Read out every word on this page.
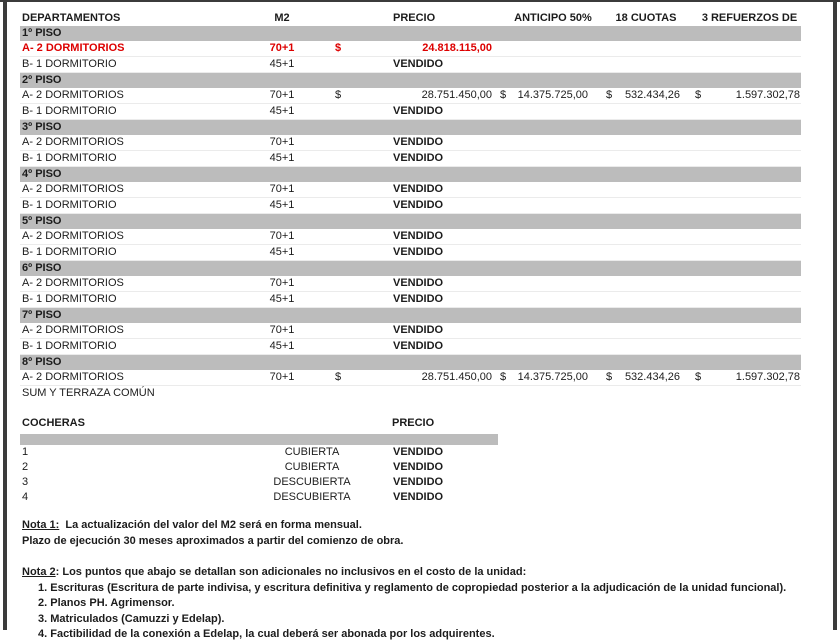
DEPARTAMENTOS	M2		PRECIO		ANTICIPO 50%		18 CUOTAS		3 REFUERZOS DE
1º PISO									
A- 2 DORMITORIOS	70+1	$	24.818.115,00						
B- 1 DORMITORIO	45+1		VENDIDO						
2º PISO									
A- 2 DORMITORIOS	70+1	$	28.751.450,00	$	14.375.725,00	$	532.434,26	$	1.597.302,78
B- 1 DORMITORIO	45+1		VENDIDO						
3º PISO									
A- 2 DORMITORIOS	70+1		VENDIDO						
B- 1 DORMITORIO	45+1		VENDIDO						
4º PISO									
A- 2 DORMITORIOS	70+1		VENDIDO						
B- 1 DORMITORIO	45+1		VENDIDO						
5º PISO									
A- 2 DORMITORIOS	70+1		VENDIDO						
B- 1 DORMITORIO	45+1		VENDIDO						
6º PISO									
A- 2 DORMITORIOS	70+1		VENDIDO						
B- 1 DORMITORIO	45+1		VENDIDO						
7º PISO									
A- 2 DORMITORIOS	70+1		VENDIDO						
B- 1 DORMITORIO	45+1		VENDIDO						
8º PISO									
A- 2 DORMITORIOS	70+1	$	28.751.450,00	$	14.375.725,00	$	532.434,26	$	1.597.302,78
SUM Y TERRAZA COMÚN									
COCHERAS		PRECIO

1	CUBIERTA	VENDIDO
2	CUBIERTA	VENDIDO
3	DESCUBIERTA	VENDIDO
4	DESCUBIERTA	VENDIDO

Nota 1: La actualización del valor del M2 será en forma mensual.

Plazo de ejecución 30 meses aproximados a partir del comienzo de obra.

Nota 2: Los puntos que abajo se detallan son adicionales no inclusivos en el costo de la unidad:

1. Escrituras (Escritura de parte indivisa, y escritura definitiva y reglamento de copropiedad posterior a la adjudicación de la unidad funcional).

2. Planos PH. Agrimensor.

3. Matriculados (Camuzzi y Edelap).

4. Factibilidad de la conexión a Edelap, la cual deberá ser abonada por los adquirentes.
